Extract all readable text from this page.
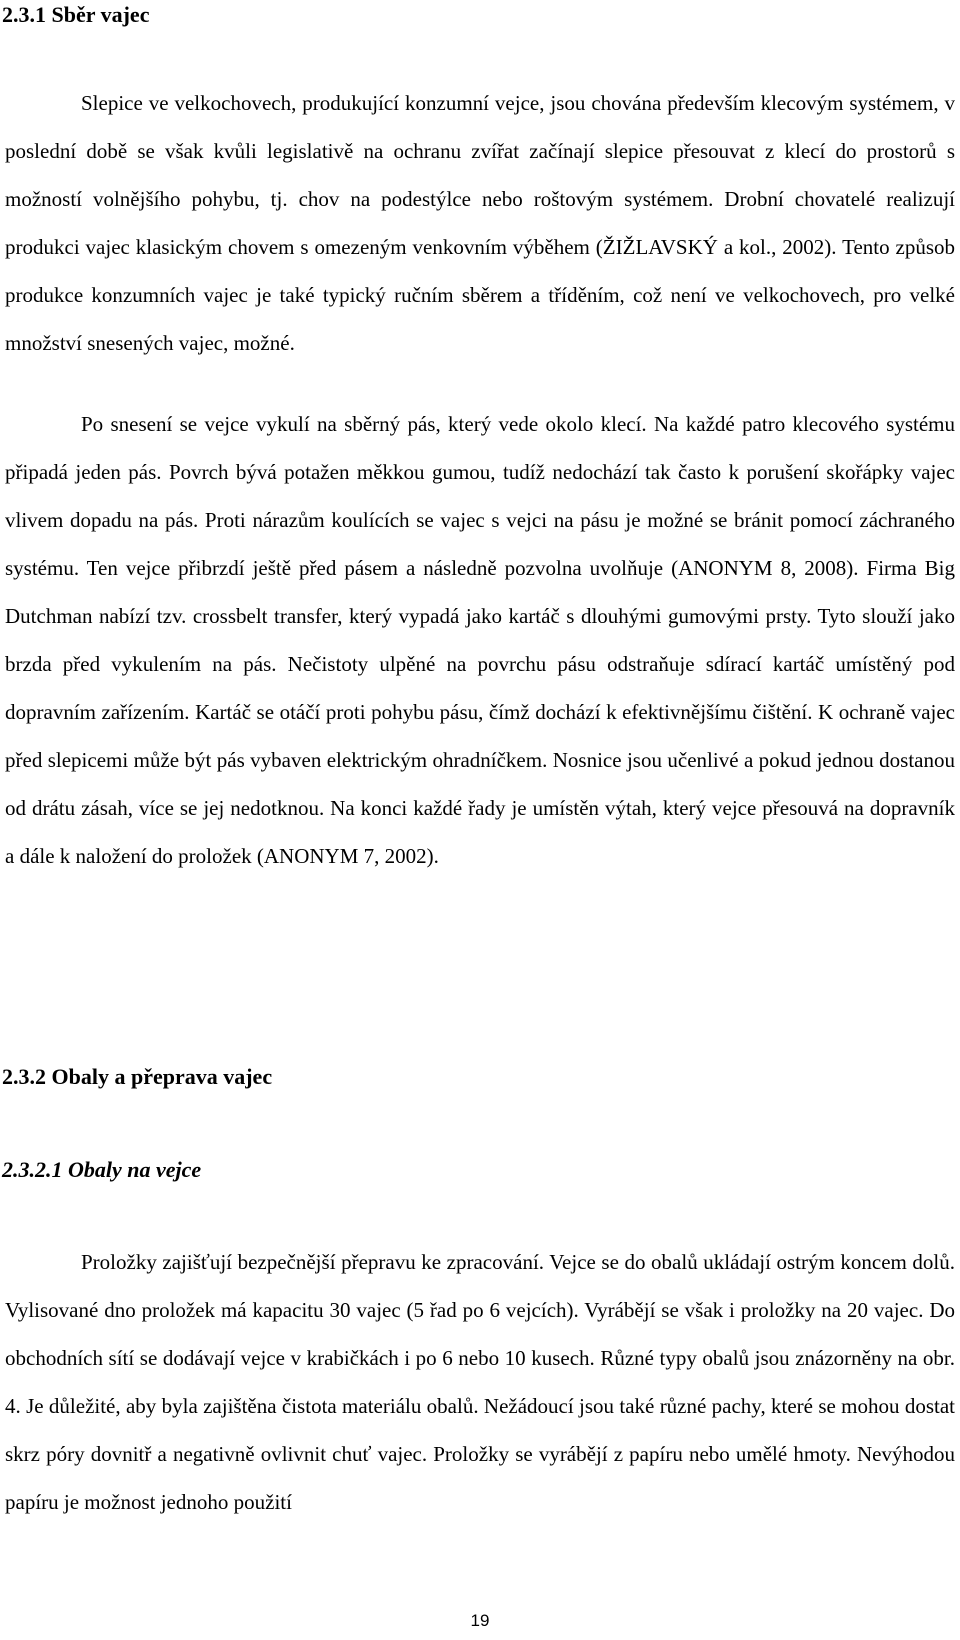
2.3.1 Sběr vajec

Slepice ve velkochovech, produkující konzumní vejce, jsou chována především klecovým systémem, v poslední době se však kvůli legislativě na ochranu zvířat začínají slepice přesouvat z klecí do prostorů s možností volnějšího pohybu, tj. chov na podestýlce nebo roštovým systémem. Drobní chovatelé realizují produkci vajec klasickým chovem s omezeným venkovním výběhem (ŽIŽLAVSKÝ a kol., 2002). Tento způsob produkce konzumních vajec je také typický ručním sběrem a tříděním, což není ve velkochovech, pro velké množství snesených vajec, možné.

Po snesení se vejce vykulí na sběrný pás, který vede okolo klecí. Na každé patro klecového systému připadá jeden pás. Povrch bývá potažen měkkou gumou, tudíž nedochází tak často k porušení skořápky vajec vlivem dopadu na pás. Proti nárazům koulících se vajec s vejci na pásu je možné se bránit pomocí záchraného systému. Ten vejce přibrzdí ještě před pásem a následně pozvolna uvolňuje (ANONYM 8, 2008). Firma Big Dutchman nabízí tzv. crossbelt transfer, který vypadá jako kartáč s dlouhými gumovými prsty. Tyto slouží jako brzda před vykulením na pás. Nečistoty ulpěné na povrchu pásu odstraňuje sdírací kartáč umístěný pod dopravním zařízením. Kartáč se otáčí proti pohybu pásu, čímž dochází k efektivnějšímu čištění. K ochraně vajec před slepicemi může být pás vybaven elektrickým ohradníčkem. Nosnice jsou učenlivé a pokud jednou dostanou od drátu zásah, více se jej nedotknou. Na konci každé řady je umístěn výtah, který vejce přesouvá na dopravník a dále k naložení do proložek (ANONYM 7, 2002).

2.3.2 Obaly a přeprava vajec
2.3.2.1 Obaly na vejce

Proložky zajišťují bezpečnější přepravu ke zpracování. Vejce se do obalů ukládají ostrým koncem dolů. Vylisované dno proložek má kapacitu 30 vajec (5 řad po 6 vejcích). Vyrábějí se však i proložky na 20 vajec. Do obchodních sítí se dodávají vejce v krabičkách i po 6 nebo 10 kusech. Různé typy obalů jsou znázorněny na obr. 4. Je důležité, aby byla zajištěna čistota materiálu obalů. Nežádoucí jsou také různé pachy, které se mohou dostat skrz póry dovnitř a negativně ovlivnit chuť vajec. Proložky se vyrábějí z papíru nebo umělé hmoty. Nevýhodou papíru je možnost jednoho použití

19
